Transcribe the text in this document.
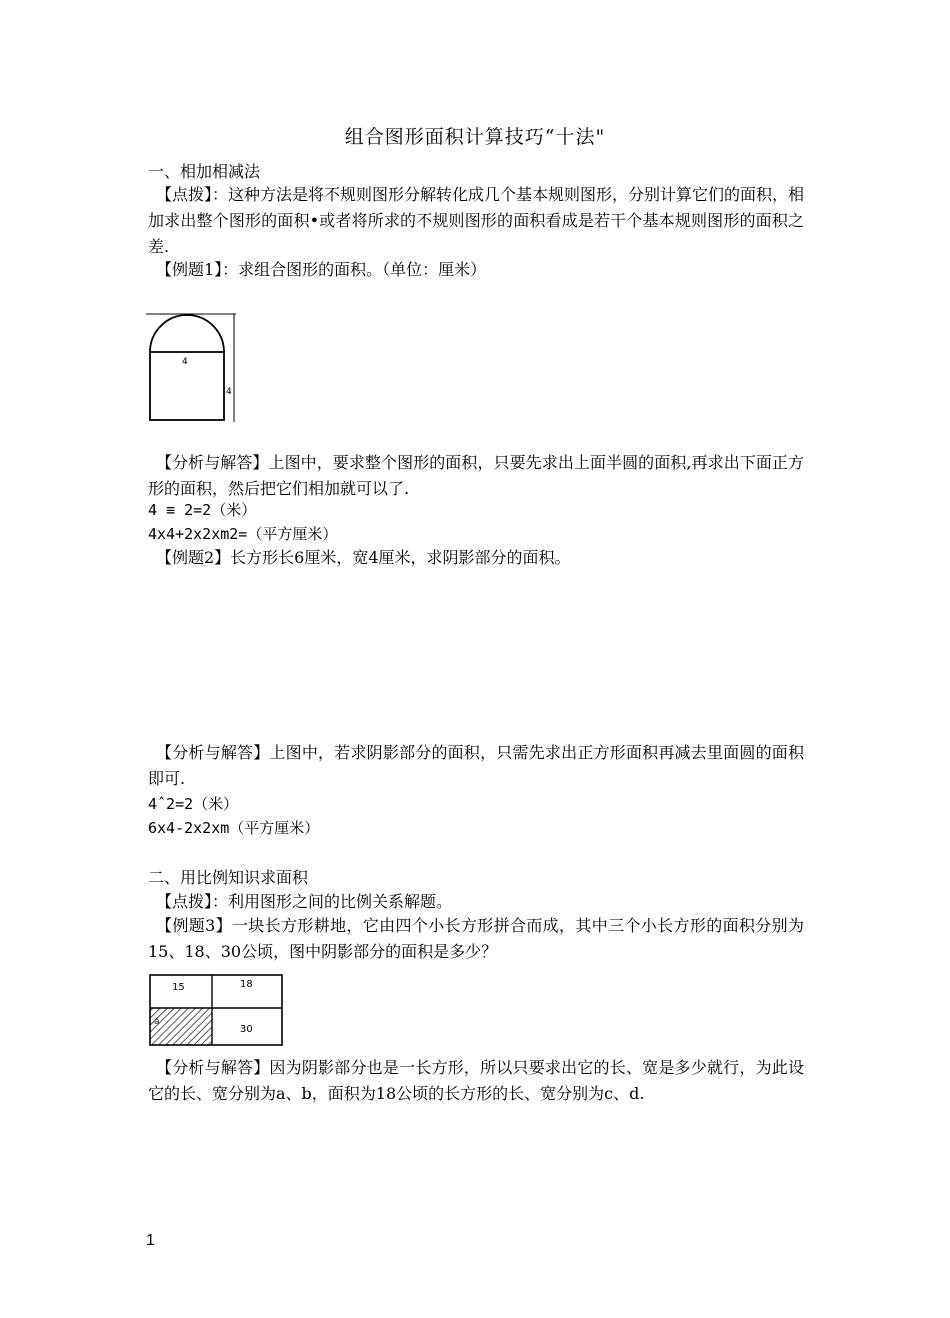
组合图形面积计算技巧“十法"
一、相加相减法
【点拨】：这种方法是将不规则图形分解转化成几个基本规则图形，分别计算它们的面积，相加求出整个图形的面积•或者将所求的不规则图形的面积看成是若干个基本规则图形的面积之差.
【例题1】：求组合图形的面积。（单位：厘米）
4
4
【分析与解答】上图中，要求整个图形的面积，只要先求出上面半圆的面积,再求出下面正方形的面积，然后把它们相加就可以了.
4 ≡ 2=2（米）
4x4+2x2xm2=（平方厘米）
【例题2】长方形长6厘米，宽4厘米，求阴影部分的面积。
【分析与解答】上图中，若求阴影部分的面积，只需先求出正方形面积再减去里面圆的面积即可.
4ˆ2=2（米）
6x4-2x2xm（平方厘米）
二、用比例知识求面积
【点拨】：利用图形之间的比例关系解题。
【例题3】一块长方形耕地，它由四个小长方形拼合而成，其中三个小长方形的面积分别为15、18、30公顷，图中阴影部分的面积是多少？
15	18
30
a
【分析与解答】因为阴影部分也是一长方形，所以只要求出它的长、宽是多少就行，为此设它的长、宽分别为a、b，面积为18公顷的长方形的长、宽分别为c、d.
1
